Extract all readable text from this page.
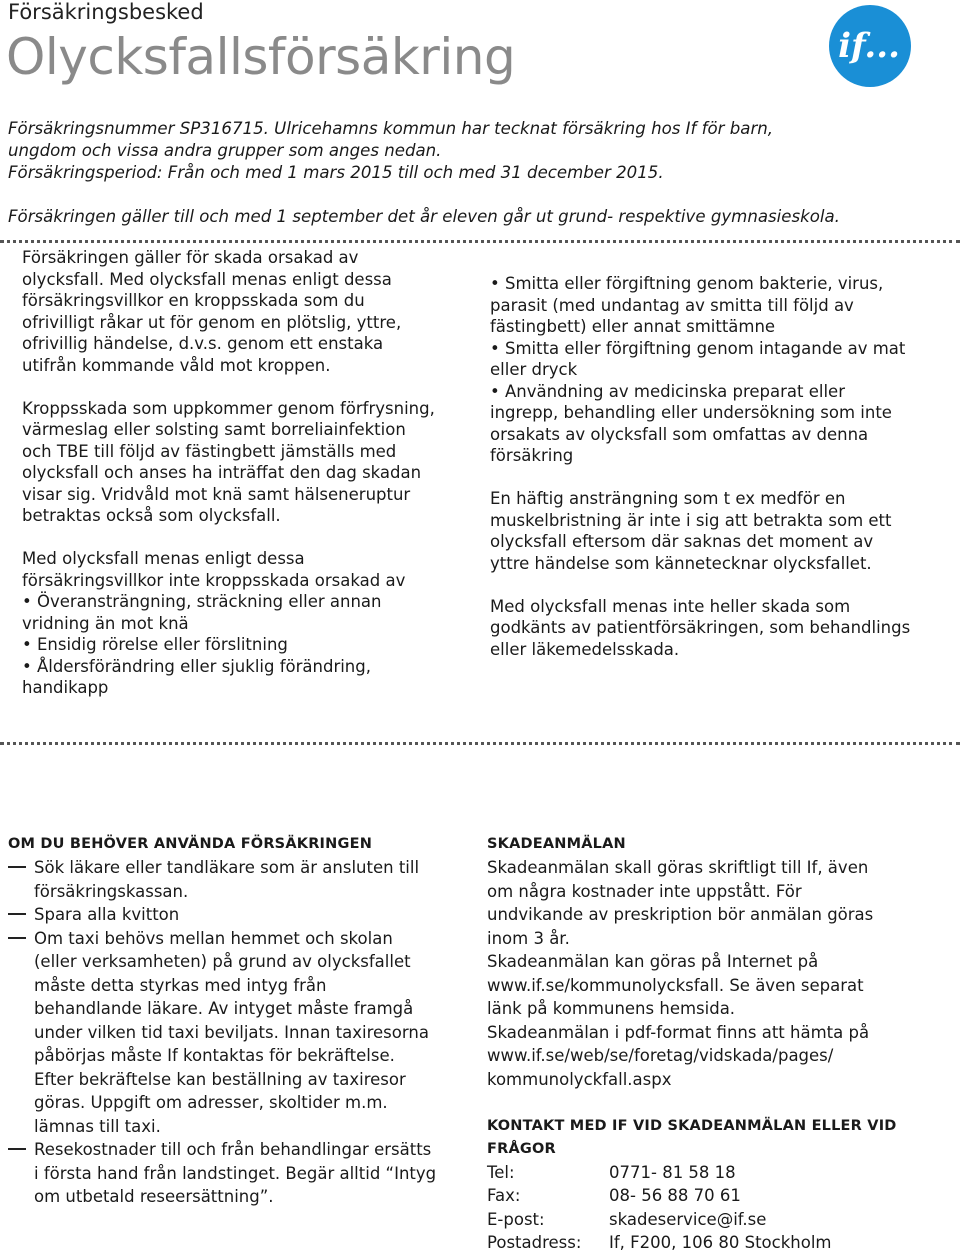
Försäkringsbesked
Olycksfallsförsäkring	if...
Försäkringsnummer SP316715. Ulricehamns kommun har tecknat försäkring hos If för barn,
ungdom och vissa andra grupper som anges nedan.
Försäkringsperiod: Från och med 1 mars 2015 till och med 31 december 2015.
Försäkringen gäller till och med 1 september det år eleven går ut grund- respektive gymnasieskola.

Försäkringen gäller för skada orsakad av

olycksfall. Med olycksfall menas enligt dessa

försäkringsvillkor en kroppsskada som du

ofrivilligt råkar ut för genom en plötslig, yttre,

ofrivillig händelse, d.v.s. genom ett enstaka

utifrån kommande våld mot kroppen.

Kroppsskada som uppkommer genom förfrysning,

värmeslag eller solsting samt borreliainfektion

och TBE till följd av fästingbett jämställs med

olycksfall och anses ha inträffat den dag skadan

visar sig. Vridvåld mot knä samt hälseneruptur

betraktas också som olycksfall.

Med olycksfall menas enligt dessa

försäkringsvillkor inte kroppsskada orsakad av

• Överansträngning, sträckning eller annan

vridning än mot knä

• Ensidig rörelse eller förslitning

• Åldersförändring eller sjuklig förändring,

handikapp

• Smitta eller förgiftning genom bakterie, virus,

parasit (med undantag av smitta till följd av

fästingbett) eller annat smittämne

• Smitta eller förgiftning genom intagande av mat

eller dryck

• Användning av medicinska preparat eller

ingrepp, behandling eller undersökning som inte

orsakats av olycksfall som omfattas av denna

försäkring

En häftig ansträngning som t ex medför en

muskelbristning är inte i sig att betrakta som ett

olycksfall eftersom där saknas det moment av

yttre händelse som kännetecknar olycksfallet.

Med olycksfall menas inte heller skada som

godkänts av patientförsäkringen, som behandlings

eller läkemedelsskada.

OM DU BEHÖVER ANVÄNDA FÖRSÄKRINGEN

Sök läkare eller tandläkare som är ansluten till

försäkringskassan.

Spara alla kvitton

Om taxi behövs mellan hemmet och skolan

(eller verksamheten) på grund av olycksfallet

måste detta styrkas med intyg från

behandlande läkare. Av intyget måste framgå

under vilken tid taxi beviljats. Innan taxiresorna

påbörjas måste If kontaktas för bekräftelse.

Efter bekräftelse kan beställning av taxiresor

göras. Uppgift om adresser, skoltider m.m.

lämnas till taxi.

Resekostnader till och från behandlingar ersätts

i första hand från landstinget. Begär alltid “Intyg

om utbetald reseersättning”.

SKADEANMÄLAN

Skadeanmälan skall göras skriftligt till If, även

om några kostnader inte uppstått. För

undvikande av preskription bör anmälan göras

inom 3 år.

Skadeanmälan kan göras på Internet på

www.if.se/kommunolycksfall. Se även separat

länk på kommunens hemsida.

Skadeanmälan i pdf-format finns att hämta på

www.if.se/web/se/foretag/vidskada/pages/

kommunolyckfall.aspx

KONTAKT MED IF VID SKADEANMÄLAN ELLER VID
FRÅGOR
Tel:	0771- 81 58 18
Fax:	08- 56 88 70 61
E-post:	skadeservice@if.se
Postadress:	If, F200, 106 80 Stockholm
